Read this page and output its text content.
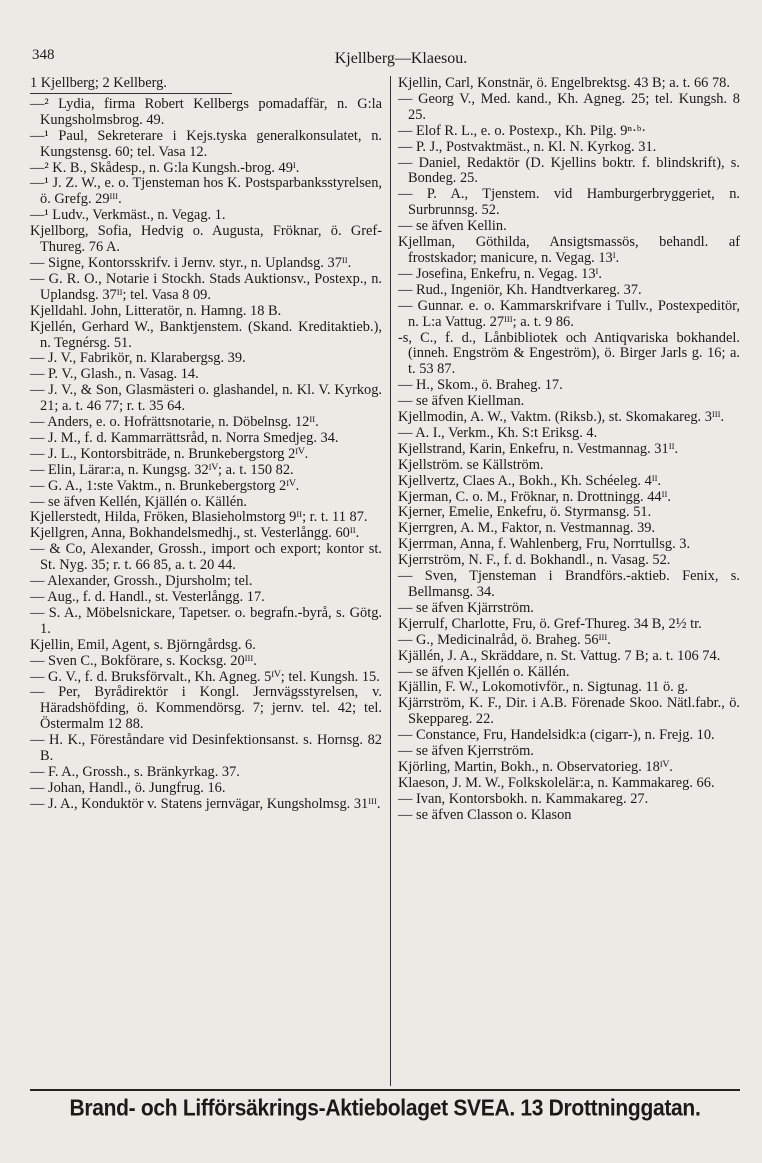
348	Kjellberg—Klaesou.

1 Kjellberg; 2 Kellberg.

—² Lydia, firma Robert Kellbergs pomadaffär, n. G:la Kungsholmsbrog. 49.

—¹ Paul, Sekreterare i Kejs.tyska generalkonsulatet, n. Kungstensg. 60; tel. Vasa 12.

—² K. B., Skådesp., n. G:la Kungsh.-brog. 49ᴵ.

—¹ J. Z. W., e. o. Tjensteman hos K. Postsparbanksstyrelsen, ö. Grefg. 29ᴵᴵᴵ.

—¹ Ludv., Verkmäst., n. Vegag. 1.

Kjellborg, Sofia, Hedvig o. Augusta, Fröknar, ö. Gref-Thureg. 76 A.

— Signe, Kontorsskrifv. i Jernv. styr., n. Uplandsg. 37ᴵᴵ.

— G. R. O., Notarie i Stockh. Stads Auktionsv., Postexp., n. Uplandsg. 37ᴵᴵ; tel. Vasa 8 09.

Kjelldahl. John, Litteratör, n. Hamng. 18 B.

Kjellén, Gerhard W., Banktjenstem. (Skand. Kreditaktieb.), n. Tegnérsg. 51.

— J. V., Fabrikör, n. Klarabergsg. 39.

— P. V., Glash., n. Vasag. 14.

— J. V., & Son, Glasmästeri o. glashandel, n. Kl. V. Kyrkog. 21; a. t. 46 77; r. t. 35 64.

— Anders, e. o. Hofrättsnotarie, n. Döbelnsg. 12ᴵᴵ.

— J. M., f. d. Kammarrättsråd, n. Norra Smedjeg. 34.

— J. L., Kontorsbiträde, n. Brunkebergstorg 2ᴵⱽ.

— Elin, Lärar:a, n. Kungsg. 32ᴵⱽ; a. t. 150 82.

— G. A., 1:ste Vaktm., n. Brunkebergstorg 2ᴵⱽ.

— se äfven Kellén, Kjällén o. Källén.

Kjellerstedt, Hilda, Fröken, Blasieholmstorg 9ᴵᴵ; r. t. 11 87.

Kjellgren, Anna, Bokhandelsmedhj., st. Vesterlångg. 60ᴵᴵ.

— & Co, Alexander, Grossh., import och export; kontor st. St. Nyg. 35; r. t. 66 85, a. t. 20 44.

— Alexander, Grossh., Djursholm; tel.

— Aug., f. d. Handl., st. Vesterlångg. 17.

— S. A., Möbelsnickare, Tapetser. o. begrafn.-byrå, s. Götg. 1.

Kjellin, Emil, Agent, s. Björngårdsg. 6.

— Sven C., Bokförare, s. Kocksg. 20ᴵᴵᴵ.

— G. V., f. d. Bruksförvalt., Kh. Agneg. 5ᴵⱽ; tel. Kungsh. 15.

— Per, Byrådirektör i Kongl. Jernvägsstyrelsen, v. Häradshöfding, ö. Kommendörsg. 7; jernv. tel. 42; tel. Östermalm 12 88.

— H. K., Föreståndare vid Desinfektionsanst. s. Hornsg. 82 B.

— F. A., Grossh., s. Bränkyrkag. 37.

— Johan, Handl., ö. Jungfrug. 16.

— J. A., Konduktör v. Statens jernvägar, Kungsholmsg. 31ᴵᴵᴵ.

Kjellin, Carl, Konstnär, ö. Engelbrektsg. 43 B; a. t. 66 78.

— Georg V., Med. kand., Kh. Agneg. 25; tel. Kungsh. 8 25.

— Elof R. L., e. o. Postexp., Kh. Pilg. 9ⁿ·ᵇ·

— P. J., Postvaktmäst., n. Kl. N. Kyrkog. 31.

— Daniel, Redaktör (D. Kjellins boktr. f. blindskrift), s. Bondeg. 25.

— P. A., Tjenstem. vid Hamburgerbryggeriet, n. Surbrunnsg. 52.

— se äfven Kellin.

Kjellman, Göthilda, Ansigtsmassös, behandl. af frostskador; manicure, n. Vegag. 13ᴵ.

— Josefina, Enkefru, n. Vegag. 13ᴵ.

— Rud., Ingeniör, Kh. Handtverkareg. 37.

— Gunnar. e. o. Kammarskrifvare i Tullv., Postexpeditör, n. L:a Vattug. 27ᴵᴵᴵ; a. t. 9 86.

-s, C., f. d., Lånbibliotek och Antiqvariska bokhandel. (inneh. Engström & Engeström), ö. Birger Jarls g. 16; a. t. 53 87.

— H., Skom., ö. Braheg. 17.

— se äfven Kiellman.

Kjellmodin, A. W., Vaktm. (Riksb.), st. Skomakareg. 3ᴵᴵᴵ.

— A. I., Verkm., Kh. S:t Eriksg. 4.

Kjellstrand, Karin, Enkefru, n. Vestmannag. 31ᴵᴵ.

Kjellström. se Källström.

Kjellvertz, Claes A., Bokh., Kh. Schéeleg. 4ᴵᴵ.

Kjerman, C. o. M., Fröknar, n. Drottningg. 44ᴵᴵ.

Kjerner, Emelie, Enkefru, ö. Styrmansg. 51.

Kjerrgren, A. M., Faktor, n. Vestmannag. 39.

Kjerrman, Anna, f. Wahlenberg, Fru, Norrtullsg. 3.

Kjerrström, N. F., f. d. Bokhandl., n. Vasag. 52.

— Sven, Tjensteman i Brandförs.-aktieb. Fenix, s. Bellmansg. 34.

— se äfven Kjärrström.

Kjerrulf, Charlotte, Fru, ö. Gref-Thureg. 34 B, 2½ tr.

— G., Medicinalråd, ö. Braheg. 56ᴵᴵᴵ.

Kjällén, J. A., Skräddare, n. St. Vattug. 7 B; a. t. 106 74.

— se äfven Kjellén o. Källén.

Kjällin, F. W., Lokomotivför., n. Sigtunag. 11 ö. g.

Kjärrström, K. F., Dir. i A.B. Förenade Skoo. Nätl.fabr., ö. Skeppareg. 22.

— Constance, Fru, Handelsidk:a (cigarr-), n. Frejg. 10.

— se äfven Kjerrström.

Kjörling, Martin, Bokh., n. Observatorieg. 18ᴵⱽ.

Klaeson, J. M. W., Folkskolelär:a, n. Kammakareg. 66.

— Ivan, Kontorsbokh. n. Kammakareg. 27.

— se äfven Classon o. Klason

Brand- och Lifförsäkrings-Aktiebolaget SVEA. 13 Drottninggatan.
